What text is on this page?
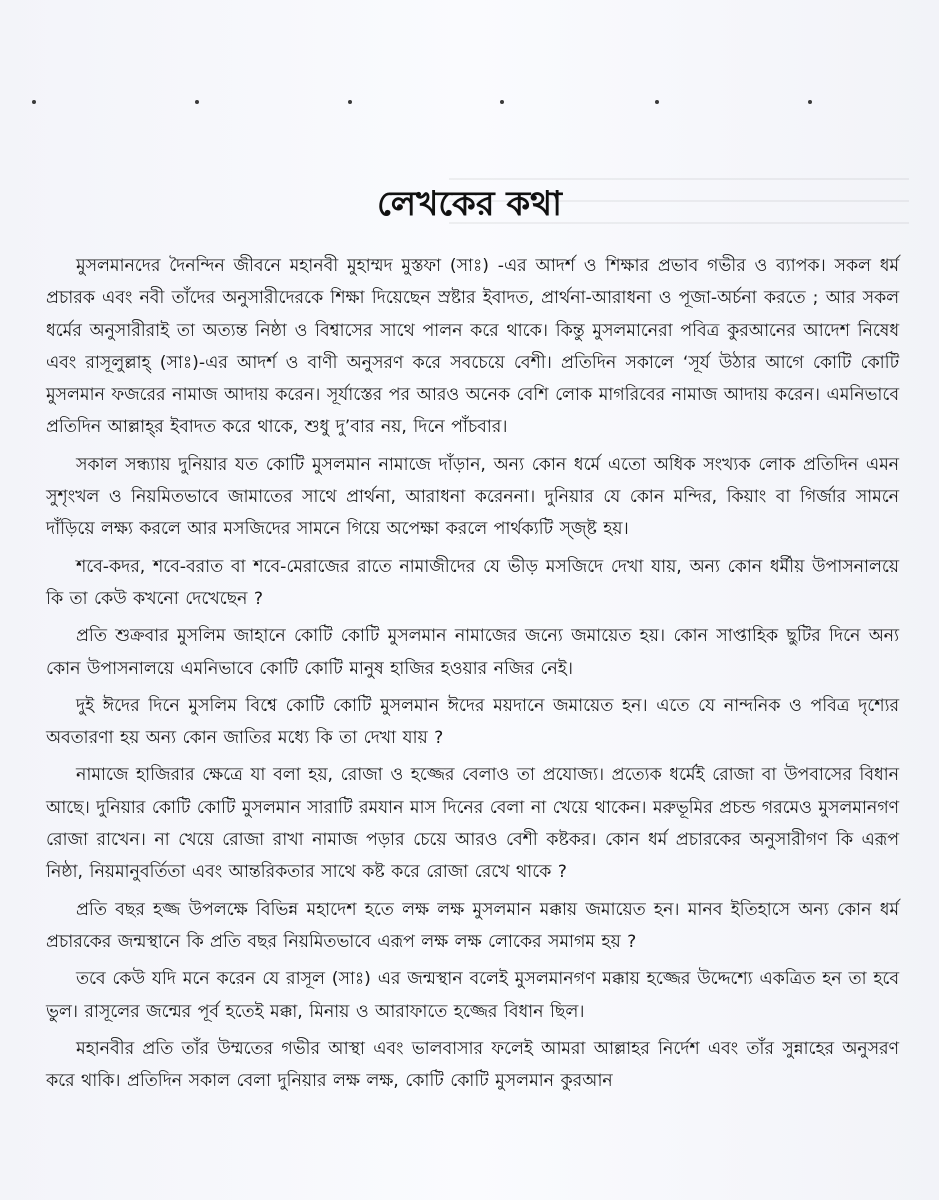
লেখকের কথা

মুসলমানদের দৈনন্দিন জীবনে মহানবী মুহাম্মদ মুস্তফা (সাঃ) -এর আদর্শ ও শিক্ষার প্রভাব গভীর ও ব্যাপক। সকল ধর্ম প্রচারক এবং নবী তাঁদের অনুসারীদেরকে শিক্ষা দিয়েছেন স্রষ্টার ইবাদত, প্রার্থনা-আরাধনা ও পূজা-অর্চনা করতে ; আর সকল ধর্মের অনুসারীরাই তা অত্যন্ত নিষ্ঠা ও বিশ্বাসের সাথে পালন করে থাকে। কিন্তু মুসলমানেরা পবিত্র কুরআনের আদেশ নিষেধ এবং রাসূলুল্লাহ্ (সাঃ)-এর আদর্শ ও বাণী অনুসরণ করে সবচেয়ে বেশী। প্রতিদিন সকালে ‘সূর্য উঠার আগে কোটি কোটি মুসলমান ফজরের নামাজ আদায় করেন। সূর্যাস্তের পর আরও অনেক বেশি লোক মাগরিবের নামাজ আদায় করেন। এমনিভাবে প্রতিদিন আল্লাহ্‌র ইবাদত করে থাকে, শুধু দু’বার নয়, দিনে পাঁচবার।

সকাল সন্ধ্যায় দুনিয়ার যত কোটি মুসলমান নামাজে দাঁড়ান, অন্য কোন ধর্মে এতো অধিক সংখ্যক লোক প্রতিদিন এমন সুশৃংখল ও নিয়মিতভাবে জামাতের সাথে প্রার্থনা, আরাধনা করেননা। দুনিয়ার যে কোন মন্দির, কিয়াং বা গির্জার সামনে দাঁড়িয়ে লক্ষ্য করলে আর মসজিদের সামনে গিয়ে অপেক্ষা করলে পার্থক্যটি স্জ্‌ষ্ট হয়।

শবে-কদর, শবে-বরাত বা শবে-মেরাজের রাতে নামাজীদের যে ভীড় মসজিদে দেখা যায়, অন্য কোন ধর্মীয় উপাসনালয়ে কি তা কেউ কখনো দেখেছেন ?

প্রতি শুক্রবার মুসলিম জাহানে কোটি কোটি মুসলমান নামাজের জন্যে জমায়েত হয়। কোন সাপ্তাহিক ছুটির দিনে অন্য কোন উপাসনালয়ে এমনিভাবে কোটি কোটি মানুষ হাজির হওয়ার নজির নেই।

দুই ঈদের দিনে মুসলিম বিশ্বে কোটি কোটি মুসলমান ঈদের ময়দানে জমায়েত হন। এতে যে নান্দনিক ও পবিত্র দৃশ্যের অবতারণা হয় অন্য কোন জাতির মধ্যে কি তা দেখা যায় ?

নামাজে হাজিরার ক্ষেত্রে যা বলা হয়, রোজা ও হজ্জের বেলাও তা প্রযোজ্য। প্রত্যেক ধর্মেই রোজা বা উপবাসের বিধান আছে। দুনিয়ার কোটি কোটি মুসলমান সারাটি রমযান মাস দিনের বেলা না খেয়ে থাকেন। মরুভূমির প্রচন্ড গরমেও মুসলমানগণ রোজা রাখেন। না খেয়ে রোজা রাখা নামাজ পড়ার চেয়ে আরও বেশী কষ্টকর। কোন ধর্ম প্রচারকের অনুসারীগণ কি এরূপ নিষ্ঠা, নিয়মানুবর্তিতা এবং আন্তরিকতার সাথে কষ্ট করে রোজা রেখে থাকে ?

প্রতি বছর হজ্জ উপলক্ষে বিভিন্ন মহাদেশ হতে লক্ষ লক্ষ মুসলমান মক্কায় জমায়েত হন। মানব ইতিহাসে অন্য কোন ধর্ম প্রচারকের জন্মস্থানে কি প্রতি বছর নিয়মিতভাবে এরূপ লক্ষ লক্ষ লোকের সমাগম হয় ?

তবে কেউ যদি মনে করেন যে রাসূল (সাঃ) এর জন্মস্থান বলেই মুসলমানগণ মক্কায় হজ্জের উদ্দেশ্যে একত্রিত হন তা হবে ভুল। রাসূলের জন্মের পূর্ব হতেই মক্কা, মিনায় ও আরাফাতে হজ্জের বিধান ছিল।

মহানবীর প্রতি তাঁর উম্মতের গভীর আস্থা এবং ভালবাসার ফলেই আমরা আল্লাহর নির্দেশ এবং তাঁর সুন্নাহের অনুসরণ করে থাকি। প্রতিদিন সকাল বেলা দুনিয়ার লক্ষ লক্ষ, কোটি কোটি মুসলমান কুরআন
